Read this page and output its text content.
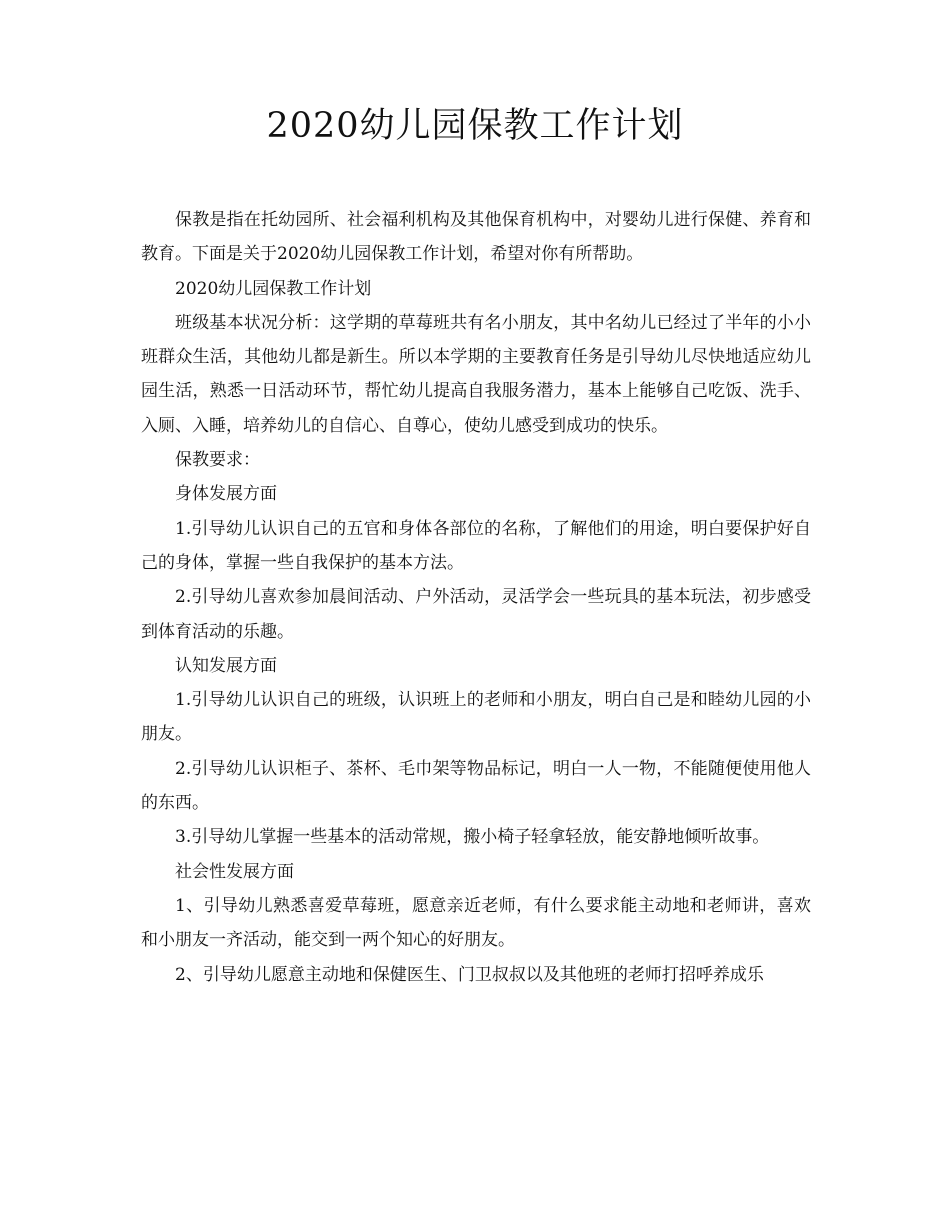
2020幼儿园保教工作计划

保教是指在托幼园所、社会福利机构及其他保育机构中，对婴幼儿进行保健、养育和教育。下面是关于2020幼儿园保教工作计划，希望对你有所帮助。

2020幼儿园保教工作计划

班级基本状况分析：这学期的草莓班共有名小朋友，其中名幼儿已经过了半年的小小班群众生活，其他幼儿都是新生。所以本学期的主要教育任务是引导幼儿尽快地适应幼儿园生活，熟悉一日活动环节，帮忙幼儿提高自我服务潜力，基本上能够自己吃饭、洗手、入厕、入睡，培养幼儿的自信心、自尊心，使幼儿感受到成功的快乐。

保教要求：

身体发展方面

1.引导幼儿认识自己的五官和身体各部位的名称，了解他们的用途，明白要保护好自己的身体，掌握一些自我保护的基本方法。

2.引导幼儿喜欢参加晨间活动、户外活动，灵活学会一些玩具的基本玩法，初步感受到体育活动的乐趣。

认知发展方面

1.引导幼儿认识自己的班级，认识班上的老师和小朋友，明白自己是和睦幼儿园的小朋友。

2.引导幼儿认识柜子、茶杯、毛巾架等物品标记，明白一人一物，不能随便使用他人的东西。

3.引导幼儿掌握一些基本的活动常规，搬小椅子轻拿轻放，能安静地倾听故事。

社会性发展方面

1、引导幼儿熟悉喜爱草莓班，愿意亲近老师，有什么要求能主动地和老师讲，喜欢和小朋友一齐活动，能交到一两个知心的好朋友。

2、引导幼儿愿意主动地和保健医生、门卫叔叔以及其他班的老师打招呼养成乐
